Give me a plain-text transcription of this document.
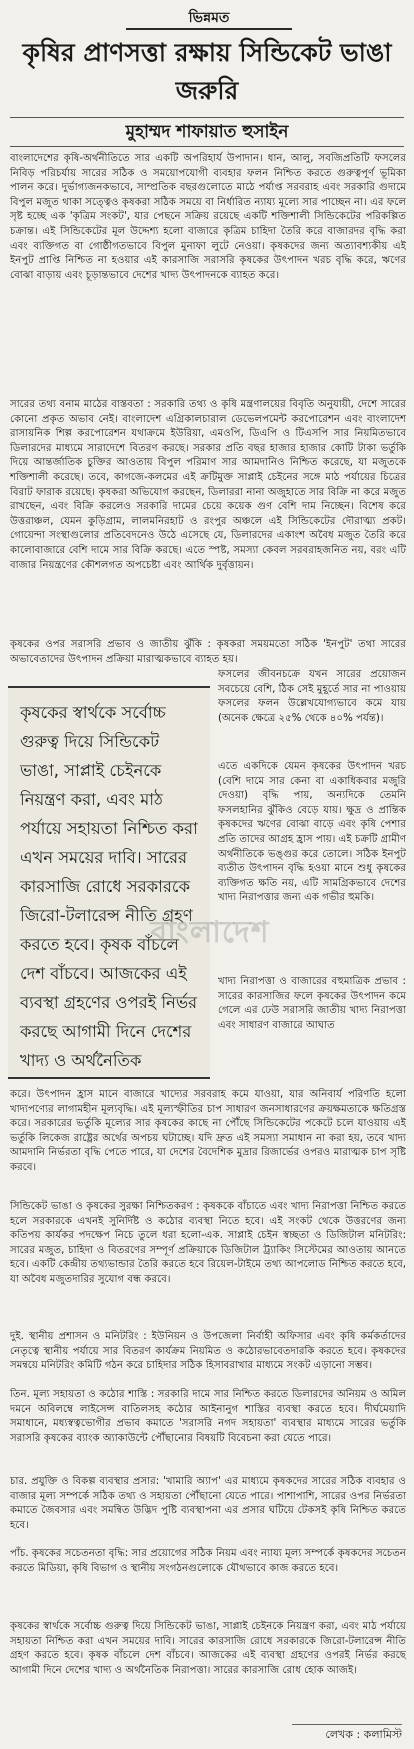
ভিন্নমত
কৃষির প্রাণসত্তা রক্ষায় সিন্ডিকেট ভাঙা জরুরি
মুহাম্মদ শাফায়াত হুসাইন

বাংলাদেশের কৃষি-অর্থনীতিতে সার একটি অপরিহার্য উপাদান। ধান, আলু, সবজিপ্রতিটি ফসলের নিবিড় পরিচর্যায় সারের সঠিক ও সময়োপযোগী ব্যবহার ফলন নিশ্চিত করতে গুরুত্বপূর্ণ ভূমিকা পালন করে। দুর্ভাগ্যজনকভাবে, সাম্প্রতিক বছরগুলোতে মাঠে পর্যাপ্ত সরবরাহ এবং সরকারি গুদামে বিপুল মজুত থাকা সত্ত্বেও কৃষকরা সঠিক সময়ে বা নির্ধারিত ন্যায্য মূল্যে সার পাচ্ছেন না। এর ফলে সৃষ্ট হচ্ছে এক 'কৃত্রিম সংকট', যার পেছনে সক্রিয় রয়েছে একটি শক্তিশালী সিন্ডিকেটের পরিকল্পিত চক্রান্ত। এই সিন্ডিকেটের মূল উদ্দেশ্য হলো বাজারে কৃত্রিম চাহিদা তৈরি করে বাজারদর বৃদ্ধি করা এবং ব্যক্তিগত বা গোষ্ঠীগতভাবে বিপুল মুনাফা লুটে নেওয়া। কৃষকদের জন্য অত্যাবশ্যকীয় এই ইনপুট প্রাপ্তি নিশ্চিত না হওয়ার এই কারসাজি সরাসরি কৃষকের উৎপাদন খরচ বৃদ্ধি করে, ঋণের বোঝা বাড়ায় এবং চূড়ান্তভাবে দেশের খাদ্য উৎপাদনকে ব্যাহত করে।

সারের তথ্য বনাম মাঠের বাস্তবতা : সরকারি তথ্য ও কৃষি মন্ত্রণালয়ের বিবৃতি অনুযায়ী, দেশে সারের কোনো প্রকৃত অভাব নেই। বাংলাদেশ এগ্রিকালচারাল ডেভেলপমেন্ট করপোরেশন এবং বাংলাদেশ রাসায়নিক শিল্প করপোরেশন যথাক্রমে ইউরিয়া, এমওপি, ডিএপি ও টিএসপি সার নিয়মিতভাবে ডিলারদের মাধ্যমে সারাদেশে বিতরণ করছে। সরকার প্রতি বছর হাজার হাজার কোটি টাকা ভর্তুকি দিয়ে আন্তর্জাতিক চুক্তির আওতায় বিপুল পরিমাণ সার আমদানিও নিশ্চিত করেছে, যা মজুতকে শক্তিশালী করেছে। তবে, কাগজে-কলমের এই ক্রটিমুক্ত সাপ্লাই চেইনের সঙ্গে মাঠ পর্যায়ের চিত্রের বিরাট ফারাক রয়েছে। কৃষকরা অভিযোগ করছেন, ডিলাররা নানা অজুহাতে সার বিক্রি না করে মজুত রাখছেন, এবং বিক্রি করলেও সরকারি দামের চেয়ে কয়েক গুণ বেশি দাম নিচ্ছেন। বিশেষ করে উত্তরাঞ্চল, যেমন কুড়িগ্রাম, লালমনিরহাট ও রংপুর অঞ্চলে এই সিন্ডিকেটের দৌরাত্ম্য প্রকট। গোয়েন্দা সংস্থাগুলোর প্রতিবেদনেও উঠে এসেছে যে, ডিলারদের একাংশ অবৈধ মজুত তৈরি করে কালোবাজারে বেশি দামে সার বিক্রি করছে। এতে স্পষ্ট, সমস্যা কেবল সরবরাহজনিত নয়, বরং এটি বাজার নিয়ন্ত্রণের কৌশলগত অপচেষ্টা এবং আর্থিক দুর্বৃত্তায়ন।

কৃষকের ওপর সরাসরি প্রভাব ও জাতীয় ঝুঁকি : কৃষকরা সময়মতো সঠিক 'ইনপুট' তথা সারের অভাবেতাদের উৎপাদন প্রক্রিয়া মারাত্মকভাবে ব্যাহত হয়।

কৃষকের স্বার্থকে সর্বোচ্চ গুরুত্ব দিয়ে সিন্ডিকেট ভাঙা, সাপ্লাই চেইনকে নিয়ন্ত্রণ করা, এবং মাঠ পর্যায়ে সহায়তা নিশ্চিত করা এখন সময়ের দাবি। সারের কারসাজি রোধে সরকারকে জিরো-টলারেন্স নীতি গ্রহণ করতে হবে। কৃষক বাঁচলে দেশ বাঁচবে। আজকের এই ব্যবস্থা গ্রহণের ওপরই নির্ভর করছে আগামী দিনে দেশের খাদ্য ও অর্থনৈতিক
বাংলাদেশ

ফসলের জীবনচক্রে যখন সারের প্রয়োজন সবচেয়ে বেশি, ঠিক সেই মুহূর্তে সার না পাওয়ায় ফসলের ফলন উল্লেখযোগ্যভাবে কমে যায় (অনেক ক্ষেত্রে ২৫% থেকে ৪০% পর্যন্ত)।

এতে একদিকে যেমন কৃষকের উৎপাদন খরচ (বেশি দামে সার কেনা বা একাধিকবার মজুরি দেওয়া) বৃদ্ধি পায়, অন্যদিকে তেমনি ফসলহানির ঝুঁকিও বেড়ে যায়। ক্ষুদ্র ও প্রান্তিক কৃষকদের ঋণের বোঝা বাড়ে এবং কৃষি পেশার প্রতি তাদের আগ্রহ হ্রাস পায়। এই চক্রটি গ্রামীণ অর্থনীতিকে ভঙ্গুর করে তোলে। সঠিক ইনপুট ব্যতীত উৎপাদন বৃদ্ধি হওয়া মানে শুধু কৃষকের ব্যক্তিগত ক্ষতি নয়, এটি সামগ্রিকভাবে দেশের খাদ্য নিরাপত্তার জন্য এক গভীর হুমকি।

খাদ্য নিরাপত্তা ও বাজারের বহুমাত্রিক প্রভাব : সারের কারসাজির ফলে কৃষকের উৎপাদন কমে গেলে এর ঢেউ সরাসরি জাতীয় খাদ্য নিরাপত্তা এবং সাধারণ বাজারে আঘাত

করে। উৎপাদন হ্রাস মানে বাজারে খাদ্যের সরবরাহ কমে যাওয়া, যার অনিবার্য পরিণতি হলো খাদ্যপণ্যের লাগামহীন মূল্যবৃদ্ধি। এই মূল্যস্ফীতির চাপ সাধারণ জনসাধারণের ক্রয়ক্ষমতাকে ক্ষতিগ্রস্ত করে। সরকারের ভর্তুকি মূল্যের সার কৃষকের কাছে না পৌঁছে সিন্ডিকেটের পকেটে চলে যাওয়ায় এই ভর্তুকি লিকেজ রাষ্ট্রের অর্থের অপচয় ঘটাচ্ছে। যদি দ্রুত এই সমস্যা সমাধান না করা হয়, তবে খাদ্য আমদানি নির্ভরতা বৃদ্ধি পেতে পারে, যা দেশের বৈদেশিক মুদ্রার রিজার্ভের ওপরও মারাত্মক চাপ সৃষ্টি করবে।

সিন্ডিকেট ভাঙা ও কৃষকের সুরক্ষা নিশ্চিতকরণ : কৃষককে বাঁচাতে এবং খাদ্য নিরাপত্তা নিশ্চিত করতে হলে সরকারকে এখনই সুনির্দিষ্ট ও কঠোর ব্যবস্থা নিতে হবে। এই সংকট থেকে উত্তরণের জন্য কতিপয় কার্যকর পদক্ষেপ নিচে তুলে ধরা হলো-এক. সাপ্লাই চেইন স্বচ্ছতা ও ডিজিটাল মনিটরিং: সারের মজুত, চাহিদা ও বিতরণের সম্পূর্ণ প্রক্রিয়াকে ডিজিটাল ট্র্যাকিং সিস্টেমের আওতায় আনতে হবে। একটি কেন্দ্রীয় তথ্যভান্ডার তৈরি করতে হবে রিয়েল-টাইমে তথ্য আপলোড নিশ্চিত করতে হবে, যা অবৈধ মজুতদারির সুযোগ বন্ধ করবে।

দুই. স্থানীয় প্রশাসন ও মনিটরিং : ইউনিয়ন ও উপজেলা নির্বাহী অফিসার এবং কৃষি কর্মকর্তাদের নেতৃত্বে স্থানীয় পর্যায়ে সার বিতরণ কার্যক্রম নিয়মিত ও কঠোরভাবেতদারকি করতে হবে। কৃষকদের সমন্বয়ে মনিটরিং কমিটি গঠন করে চাহিদার সঠিক হিসাবরাখার মাধ্যমে সংকট এড়ানো সম্ভব।

তিন. মূল্য সহায়তা ও কঠোর শাস্তি : সরকারি দামে সার নিশ্চিত করতে ডিলারদের অনিয়ম ও অমিল দমনে অবিলম্বে লাইসেন্স বাতিলসহ কঠোর আইনানুগ শাস্তির ব্যবস্থা করতে হবে। দীর্ঘমেয়াদি সমাধানে, মধ্যস্বত্বভোগীর প্রভাব কমাতে 'সরাসরি নগদ সহায়তা' ব্যবস্থার মাধ্যমে সারের ভর্তুকি সরাসরি কৃষকের ব্যাংক অ্যাকাউন্টে পৌঁছানোর বিষয়টি বিবেচনা করা যেতে পারে।

চার. প্রযুক্তি ও বিকল্প ব্যবস্থার প্রসার: 'খামারি অ্যাপ' এর মাধ্যমে কৃষকদের সারের সঠিক ব্যবহার ও বাজার মূল্য সম্পর্কে সঠিক তথ্য ও সহায়তা পৌঁছানো যেতে পারে। পাশাপাশি, সারের ওপর নির্ভরতা কমাতে জৈবসার এবং সমন্বিত উদ্ভিদ পুষ্টি ব্যবস্থাপনা এর প্রসার ঘটিয়ে টেকসই কৃষি নিশ্চিত করতে হবে।

পাঁচ. কৃষকের সচেতনতা বৃদ্ধি: সার প্রয়োগের সঠিক নিয়ম এবং ন্যায্য মূল্য সম্পর্কে কৃষকদের সচেতন করতে মিডিয়া, কৃষি বিভাগ ও স্থানীয় সংগঠনগুলোকে যৌথভাবে কাজ করতে হবে।

কৃষকের স্বার্থকে সর্বোচ্চ গুরুত্ব দিয়ে সিন্ডিকেট ভাঙা, সাপ্লাই চেইনকে নিয়ন্ত্রণ করা, এবং মাঠ পর্যায়ে সহায়তা নিশ্চিত করা এখন সময়ের দাবি। সারের কারসাজি রোধে সরকারকে জিরো-টলারেন্স নীতি গ্রহণ করতে হবে। কৃষক বাঁচলে দেশ বাঁচবে। আজকের এই ব্যবস্থা গ্রহণের ওপরই নির্ভর করছে আগামী দিনে দেশের খাদ্য ও অর্থনৈতিক নিরাপত্তা। সারের কারসাজি রোধ হোক আজই।

লেখক : কলামিস্ট
